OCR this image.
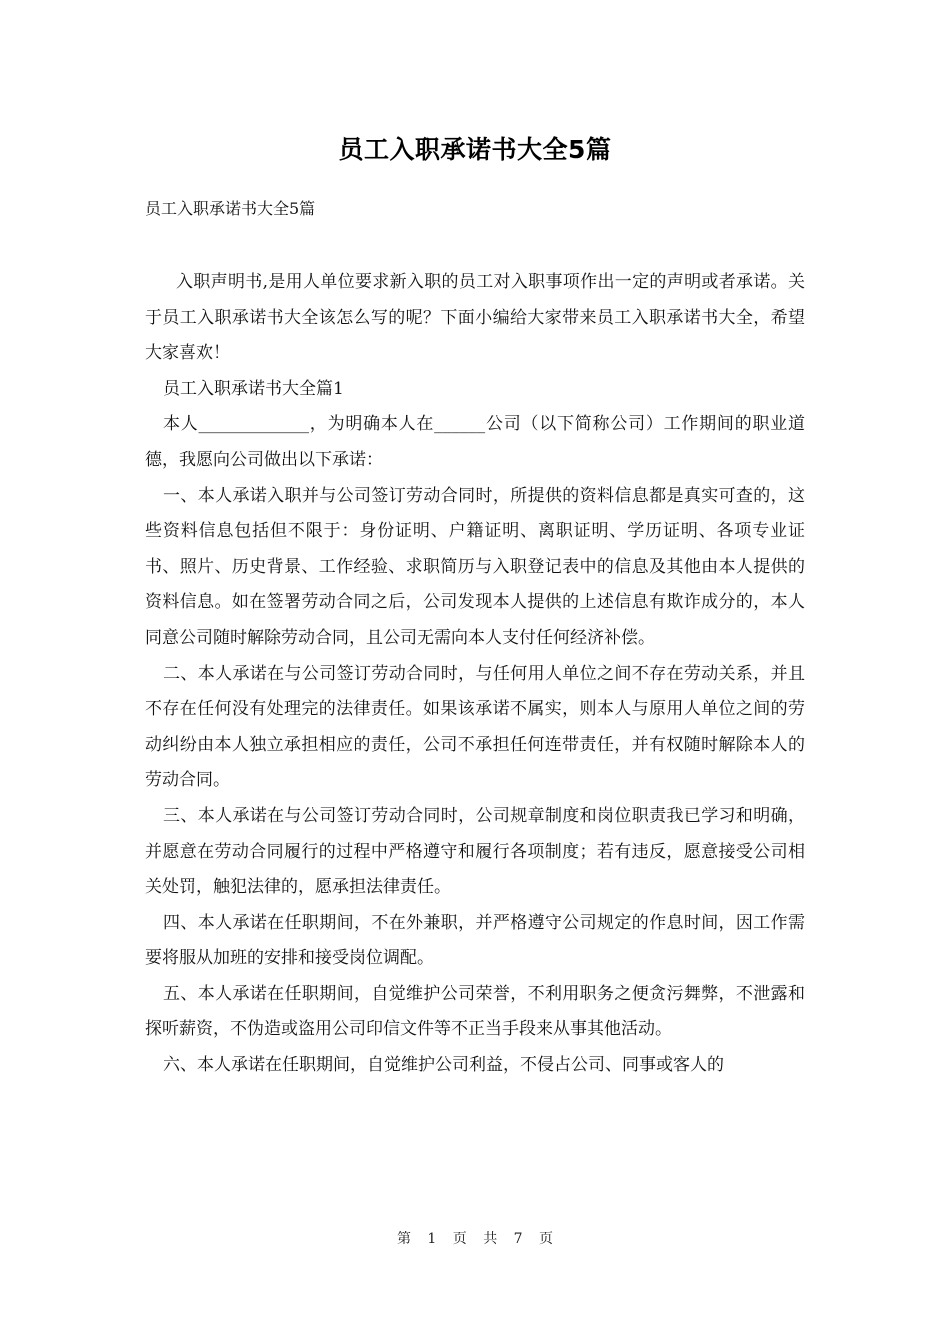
员工入职承诺书大全5篇
员工入职承诺书大全5篇

入职声明书,是用人单位要求新入职的员工对入职事项作出一定的声明或者承诺。关于员工入职承诺书大全该怎么写的呢？下面小编给大家带来员工入职承诺书大全，希望大家喜欢！

员工入职承诺书大全篇1

本人_____________，为明确本人在______公司（以下简称公司）工作期间的职业道德，我愿向公司做出以下承诺：

一、本人承诺入职并与公司签订劳动合同时，所提供的资料信息都是真实可查的，这些资料信息包括但不限于：身份证明、户籍证明、离职证明、学历证明、各项专业证书、照片、历史背景、工作经验、求职简历与入职登记表中的信息及其他由本人提供的资料信息。如在签署劳动合同之后，公司发现本人提供的上述信息有欺诈成分的，本人同意公司随时解除劳动合同，且公司无需向本人支付任何经济补偿。

二、本人承诺在与公司签订劳动合同时，与任何用人单位之间不存在劳动关系，并且不存在任何没有处理完的法律责任。如果该承诺不属实，则本人与原用人单位之间的劳动纠纷由本人独立承担相应的责任，公司不承担任何连带责任，并有权随时解除本人的劳动合同。

三、本人承诺在与公司签订劳动合同时，公司规章制度和岗位职责我已学习和明确，并愿意在劳动合同履行的过程中严格遵守和履行各项制度；若有违反，愿意接受公司相关处罚，触犯法律的，愿承担法律责任。

四、本人承诺在任职期间，不在外兼职，并严格遵守公司规定的作息时间，因工作需要将服从加班的安排和接受岗位调配。

五、本人承诺在任职期间，自觉维护公司荣誉，不利用职务之便贪污舞弊，不泄露和探听薪资，不伪造或盗用公司印信文件等不正当手段来从事其他活动。

六、本人承诺在任职期间，自觉维护公司利益，不侵占公司、同事或客人的

第 1 页 共 7 页
